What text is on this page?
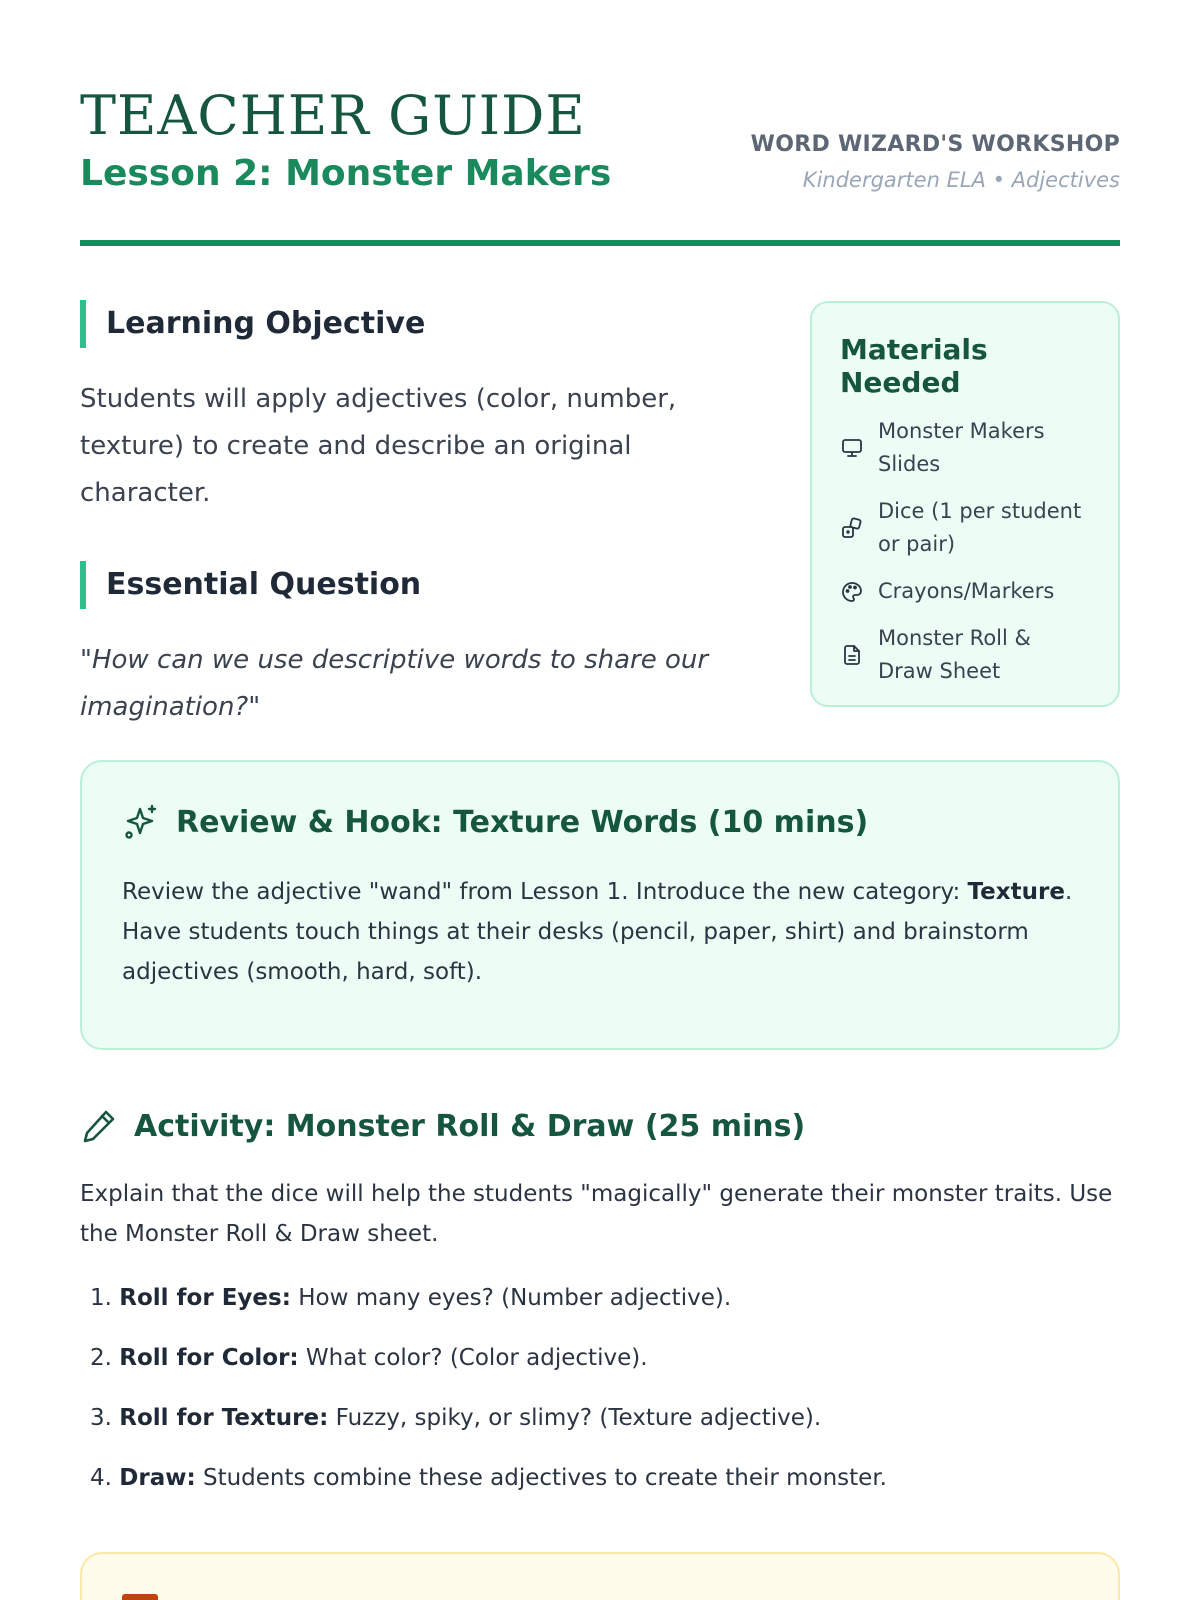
TEACHER GUIDE
Lesson 2: Monster Makers
WORD WIZARD'S WORKSHOP
Kindergarten ELA • Adjectives
Learning Objective

Students will apply adjectives (color, number, texture) to create and describe an original character.

Essential Question

"How can we use descriptive words to share our imagination?"

Materials Needed
Monster Makers Slides
Dice (1 per student or pair)
Crayons/Markers
Monster Roll & Draw Sheet
Review & Hook: Texture Words (10 mins)

Review the adjective "wand" from Lesson 1. Introduce the new category: Texture. Have students touch things at their desks (pencil, paper, shirt) and brainstorm adjectives (smooth, hard, soft).

Activity: Monster Roll & Draw (25 mins)

Explain that the dice will help the students "magically" generate their monster traits. Use the Monster Roll & Draw sheet.

1. Roll for Eyes: How many eyes? (Number adjective).
2. Roll for Color: What color? (Color adjective).
3. Roll for Texture: Fuzzy, spiky, or slimy? (Texture adjective).
4. Draw: Students combine these adjectives to create their monster.
